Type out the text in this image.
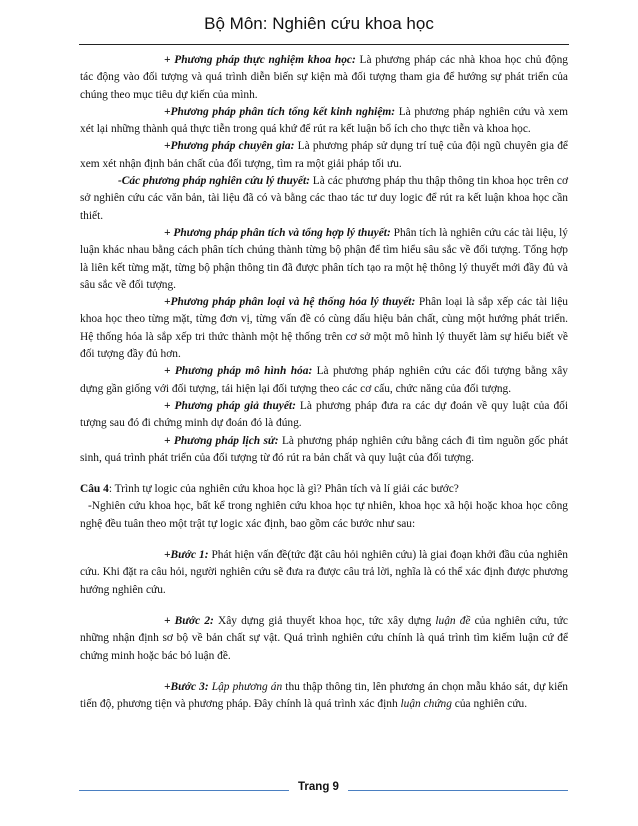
Bộ Môn: Nghiên cứu khoa học

+ Phương pháp thực nghiệm khoa học: Là phương pháp các nhà khoa học chủ động tác động vào đối tượng và quá trình diễn biến sự kiện mà đối tượng tham gia để hướng sự phát triển của chúng theo mục tiêu dự kiến của mình.

+Phương pháp phân tích tổng kết kinh nghiệm: Là phương pháp nghiên cứu và xem xét lại những thành quả thực tiễn trong quá khứ để rút ra kết luận bổ ích cho thực tiễn và khoa học.

+Phương pháp chuyên gia: Là phương pháp sử dụng trí tuệ của đội ngũ chuyên gia để xem xét nhận định bản chất của đối tượng, tìm ra một giải pháp tối ưu.

-Các phương pháp nghiên cứu lý thuyết: Là các phương pháp thu thập thông tin khoa học trên cơ sở nghiên cứu các văn bản, tài liệu đã có và bằng các thao tác tư duy logic để rút ra kết luận khoa học cần thiết.

+ Phương pháp phân tích và tổng hợp lý thuyết: Phân tích là nghiên cứu các tài liệu, lý luận khác nhau bằng cách phân tích chúng thành từng bộ phận để tìm hiểu sâu sắc về đối tượng. Tổng hợp là liên kết từng mặt, từng bộ phận thông tin đã được phân tích tạo ra một hệ thông lý thuyết mới đầy đủ và sâu sắc về đối tượng.

+Phương pháp phân loại và hệ thống hóa lý thuyết: Phân loại là sắp xếp các tài liệu khoa học theo từng mặt, từng đơn vị, từng vấn đề có cùng dấu hiệu bản chất, cùng một hướng phát triển. Hệ thống hóa là sắp xếp tri thức thành một hệ thống trên cơ sở một mô hình lý thuyết làm sự hiểu biết về đối tượng đầy đủ hơn.

+ Phương pháp mô hình hóa: Là phương pháp nghiên cứu các đối tượng bằng xây dựng gần giống với đối tượng, tái hiện lại đối tượng theo các cơ cấu, chức năng của đối tượng.

+ Phương pháp giả thuyết: Là phương pháp đưa ra các dự đoán về quy luật của đối tượng sau đó đi chứng minh dự đoán đó là đúng.

+ Phương pháp lịch sử: Là phương pháp nghiên cứu bằng cách đi tìm nguồn gốc phát sinh, quá trình phát triển của đối tượng từ đó rút ra bản chất và quy luật của đối tượng.

Câu 4: Trình tự logic của nghiên cứu khoa học là gì? Phân tích và lí giải các bước?

-Nghiên cứu khoa học, bất kể trong nghiên cứu khoa học tự nhiên, khoa học xã hội hoặc khoa học công nghệ đều tuân theo một trật tự logic xác định, bao gồm các bước như sau:

+Bước 1: Phát hiện vấn đề(tức đặt câu hỏi nghiên cứu) là giai đoạn khởi đầu của nghiên cứu. Khi đặt ra câu hỏi, người nghiên cứu sẽ đưa ra được câu trả lời, nghĩa là có thể xác định được phương hướng nghiên cứu.

+ Bước 2: Xây dựng giả thuyết khoa học, tức xây dựng luận đề của nghiên cứu, tức những nhận định sơ bộ về bản chất sự vật. Quá trình nghiên cứu chính là quá trình tìm kiếm luận cứ để chứng minh hoặc bác bỏ luận đề.

+Bước 3: Lập phương án thu thập thông tin, lên phương án chọn mẫu khảo sát, dự kiến tiến độ, phương tiện và phương pháp. Đây chính là quá trình xác định luận chứng của nghiên cứu.

Trang 9
